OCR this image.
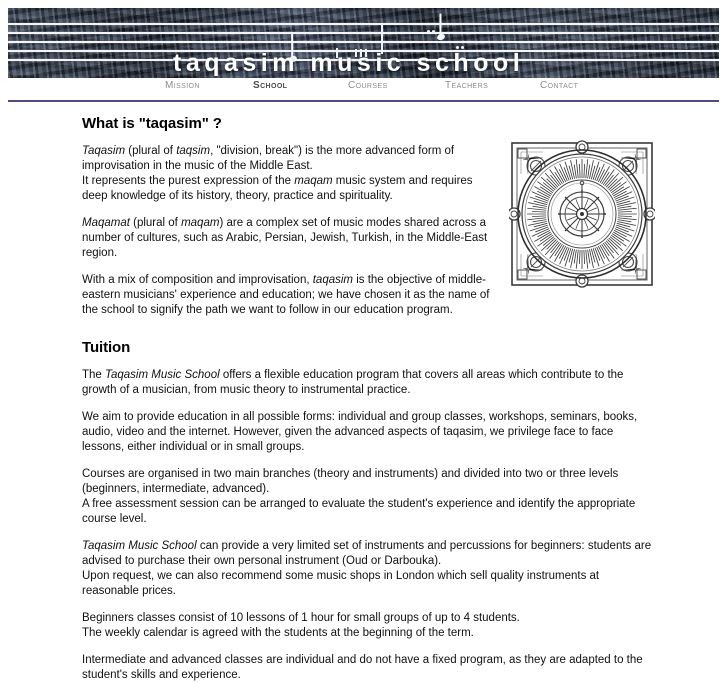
taqasim music school
Mission	School	Courses	Teachers	Contact
What is "taqasim" ?

Taqasim (plural of taqsim, "division, break") is the more advanced form of improvisation in the music of the Middle East.
It represents the purest expression of the maqam music system and requires deep knowledge of its history, theory, practice and spirituality.

Maqamat (plural of maqam) are a complex set of music modes shared across a number of cultures, such as Arabic, Persian, Jewish, Turkish, in the Middle-East region.

With a mix of composition and improvisation, taqasim is the objective of middle-eastern musicians' experience and education; we have chosen it as the name of the school to signify the path we want to follow in our education program.

Tuition

The Taqasim Music School offers a flexible education program that covers all areas which contribute to the growth of a musician, from music theory to instrumental practice.

We aim to provide education in all possible forms: individual and group classes, workshops, seminars, books, audio, video and the internet. However, given the advanced aspects of taqasim, we privilege face to face lessons, either individual or in small groups.

Courses are organised in two main branches (theory and instruments) and divided into two or three levels (beginners, intermediate, advanced).
A free assessment session can be arranged to evaluate the student's experience and identify the appropriate course level.

Taqasim Music School can provide a very limited set of instruments and percussions for beginners: students are advised to purchase their own personal instrument (Oud or Darbouka).
Upon request, we can also recommend some music shops in London which sell quality instruments at reasonable prices.

Beginners classes consist of 10 lessons of 1 hour for small groups of up to 4 students.
The weekly calendar is agreed with the students at the beginning of the term.

Intermediate and advanced classes are individual and do not have a fixed program, as they are adapted to the student's skills and experience.
